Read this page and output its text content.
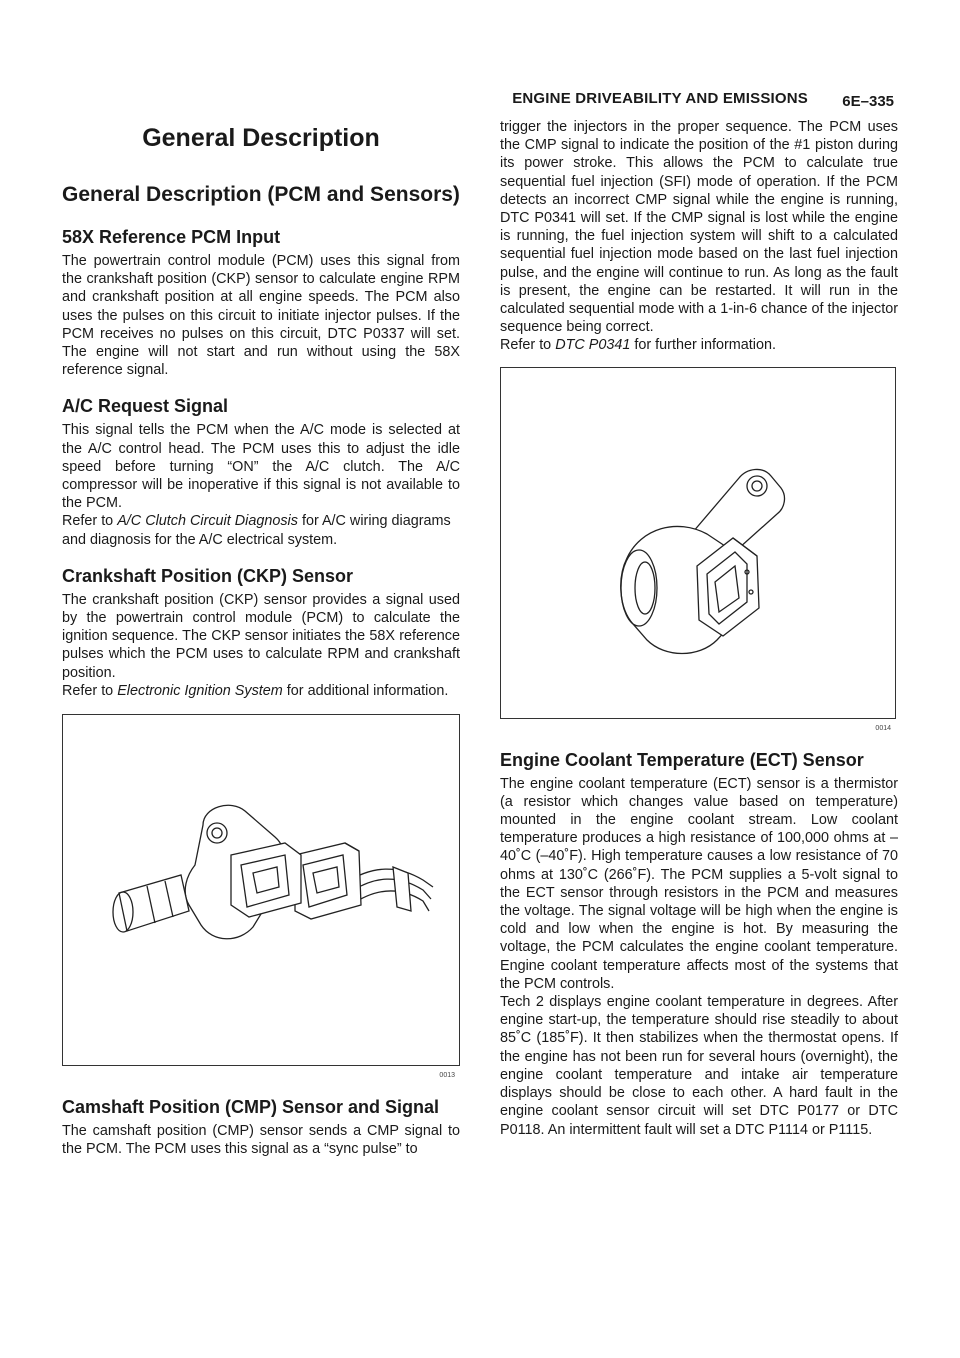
ENGINE DRIVEABILITY AND EMISSIONS 6E–335
General Description
General Description (PCM and Sensors)
58X Reference PCM Input

The powertrain control module (PCM) uses this signal from the crankshaft position (CKP) sensor to calculate engine RPM and crankshaft position at all engine speeds. The PCM also uses the pulses on this circuit to initiate injector pulses. If the PCM receives no pulses on this circuit, DTC P0337 will set. The engine will not start and run without using the 58X reference signal.

A/C Request Signal

This signal tells the PCM when the A/C mode is selected at the A/C control head. The PCM uses this to adjust the idle speed before turning “ON” the A/C clutch. The A/C compressor will be inoperative if this signal is not available to the PCM.

Refer to A/C Clutch Circuit Diagnosis for A/C wiring diagrams and diagnosis for the A/C electrical system.

Crankshaft Position (CKP) Sensor

The crankshaft position (CKP) sensor provides a signal used by the powertrain control module (PCM) to calculate the ignition sequence. The CKP sensor initiates the 58X reference pulses which the PCM uses to calculate RPM and crankshaft position.

Refer to Electronic Ignition System for additional information.

0013
Camshaft Position (CMP) Sensor and Signal

The camshaft position (CMP) sensor sends a CMP signal to the PCM. The PCM uses this signal as a “sync pulse” to

trigger the injectors in the proper sequence. The PCM uses the CMP signal to indicate the position of the #1 piston during its power stroke. This allows the PCM to calculate true sequential fuel injection (SFI) mode of operation. If the PCM detects an incorrect CMP signal while the engine is running, DTC P0341 will set. If the CMP signal is lost while the engine is running, the fuel injection system will shift to a calculated sequential fuel injection mode based on the last fuel injection pulse, and the engine will continue to run. As long as the fault is present, the engine can be restarted. It will run in the calculated sequential mode with a 1-in-6 chance of the injector sequence being correct.

Refer to DTC P0341 for further information.

0014
Engine Coolant Temperature (ECT) Sensor

The engine coolant temperature (ECT) sensor is a thermistor (a resistor which changes value based on temperature) mounted in the engine coolant stream. Low coolant temperature produces a high resistance of 100,000 ohms at –40˚C (–40˚F). High temperature causes a low resistance of 70 ohms at 130˚C (266˚F). The PCM supplies a 5-volt signal to the ECT sensor through resistors in the PCM and measures the voltage. The signal voltage will be high when the engine is cold and low when the engine is hot. By measuring the voltage, the PCM calculates the engine coolant temperature. Engine coolant temperature affects most of the systems that the PCM controls.

Tech 2 displays engine coolant temperature in degrees. After engine start-up, the temperature should rise steadily to about 85˚C (185˚F). It then stabilizes when the thermostat opens. If the engine has not been run for several hours (overnight), the engine coolant temperature and intake air temperature displays should be close to each other. A hard fault in the engine coolant sensor circuit will set DTC P0177 or DTC P0118. An intermittent fault will set a DTC P1114 or P1115.
